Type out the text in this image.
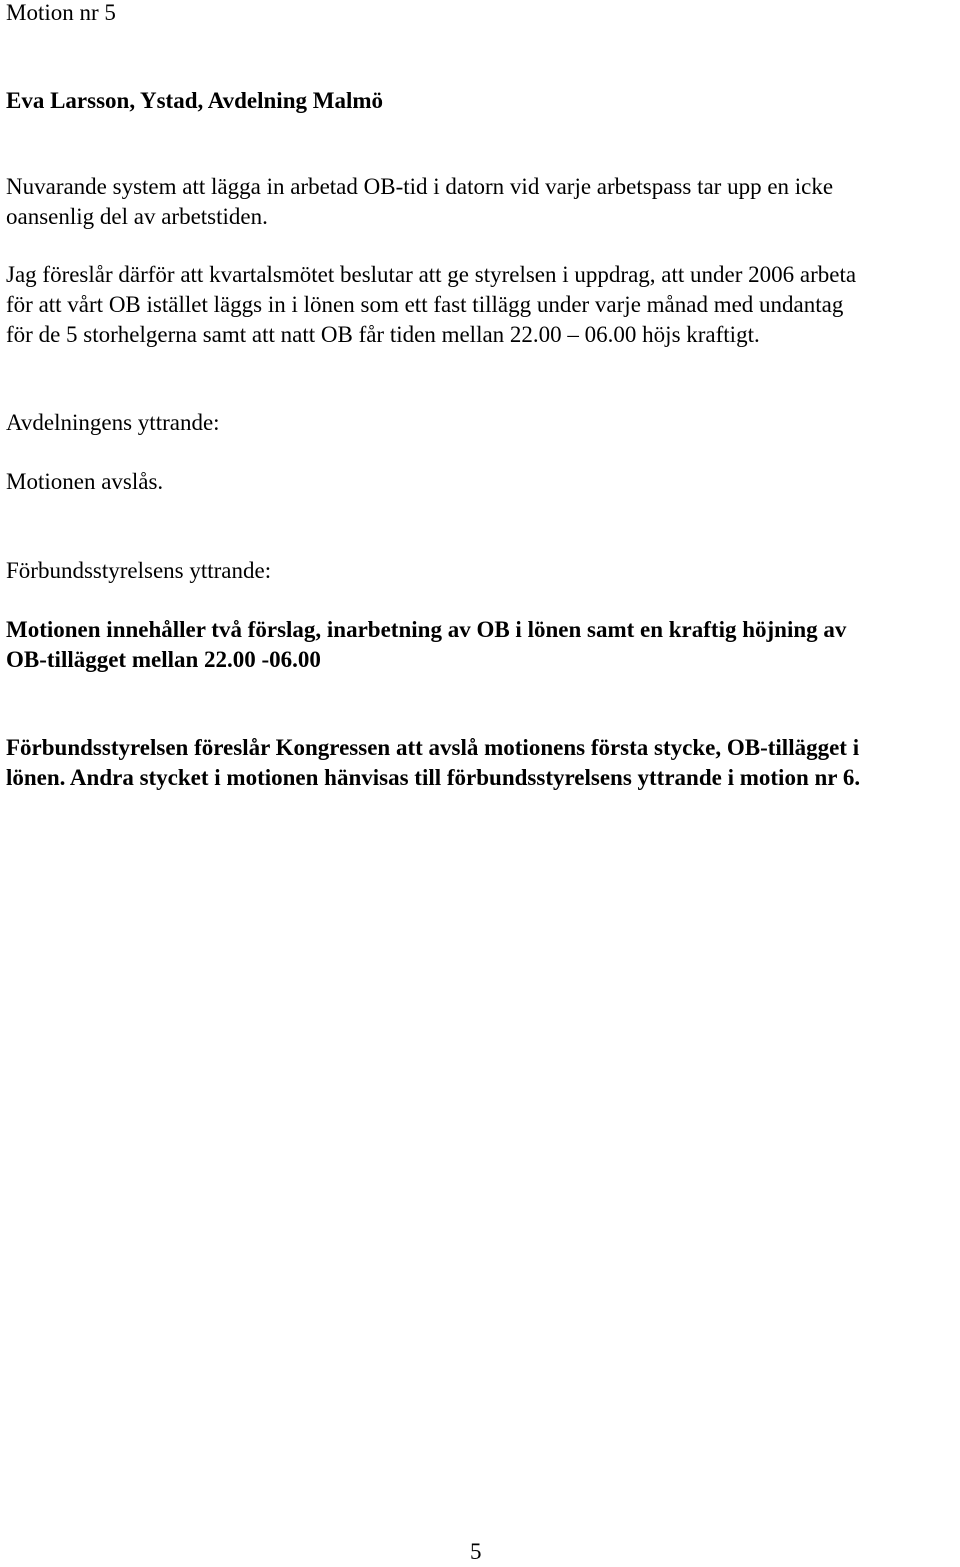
Motion nr 5
Eva Larsson, Ystad, Avdelning Malmö
Nuvarande system att lägga in arbetad OB-tid i datorn vid varje arbetspass tar upp en icke
oansenlig del av arbetstiden.
Jag föreslår därför att kvartalsmötet beslutar att ge styrelsen i uppdrag, att under 2006 arbeta
för att vårt OB istället läggs in i lönen som ett fast tillägg under varje månad med undantag
för de 5 storhelgerna samt att natt OB får tiden mellan 22.00 – 06.00 höjs kraftigt.
Avdelningens yttrande:
Motionen avslås.
Förbundsstyrelsens yttrande:
Motionen innehåller två förslag, inarbetning av OB i lönen samt en kraftig höjning av
OB-tillägget mellan 22.00 -06.00
Förbundsstyrelsen föreslår Kongressen att avslå motionens första stycke, OB-tillägget i
lönen. Andra stycket i motionen hänvisas till förbundsstyrelsens yttrande i motion nr 6.
5
